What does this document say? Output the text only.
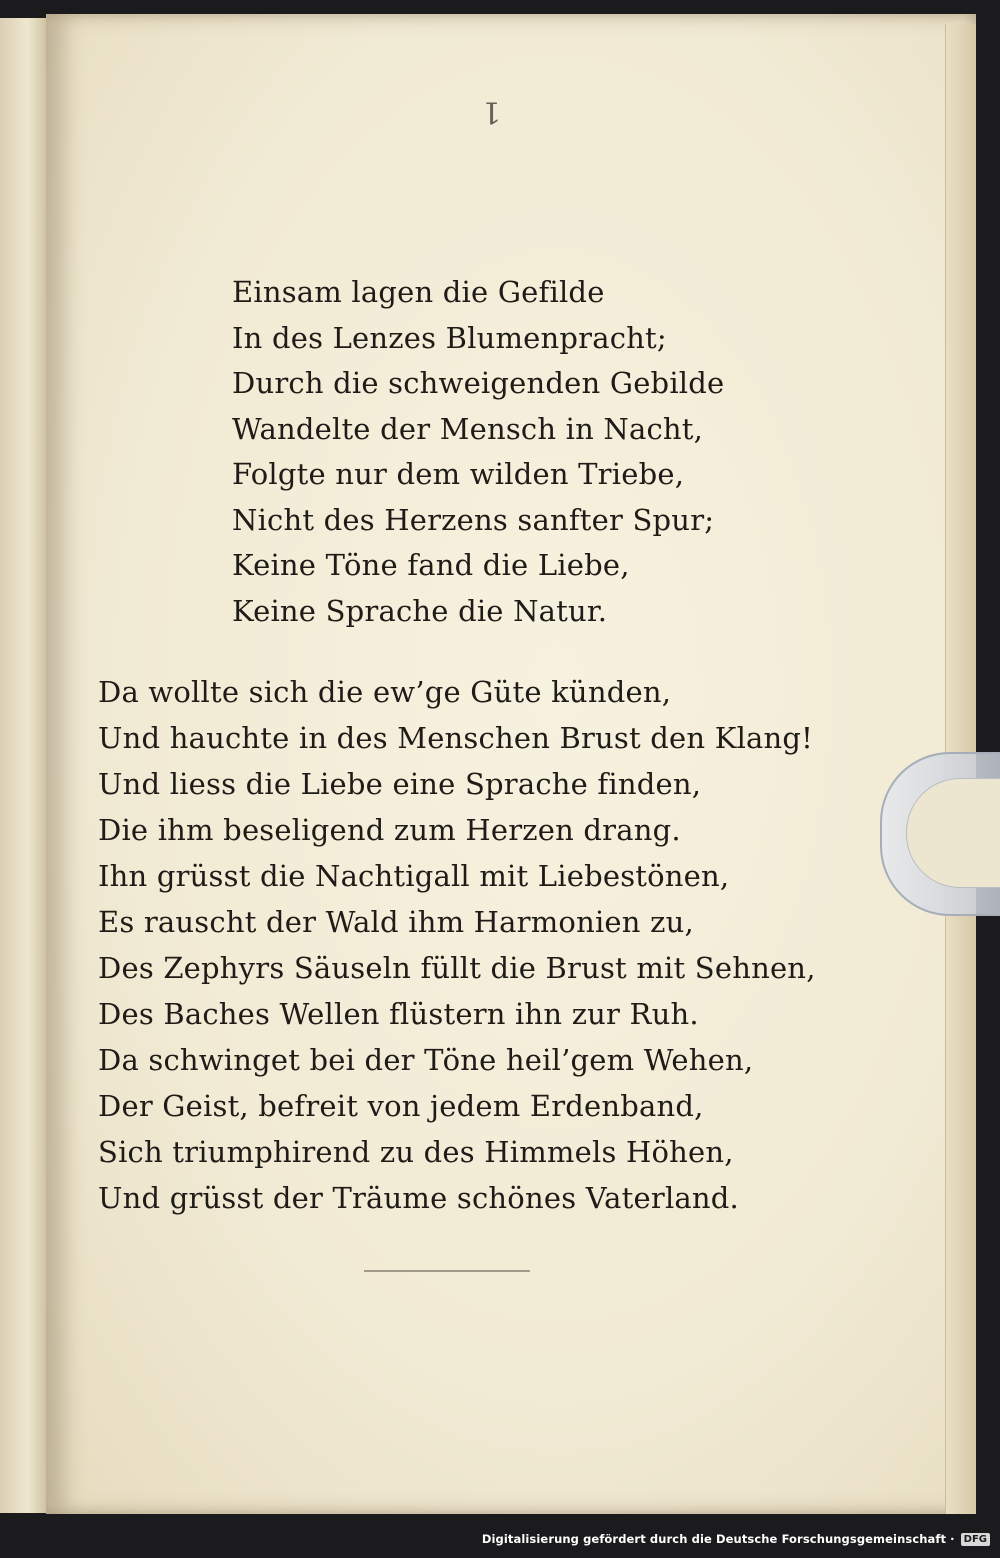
1
Einsam lagen die Gefilde
In des Lenzes Blumenpracht;
Durch die schweigenden Gebilde
Wandelte der Mensch in Nacht,
Folgte nur dem wilden Triebe,
Nicht des Herzens sanfter Spur;
Keine Töne fand die Liebe,
Keine Sprache die Natur.
Da wollte sich die ew’ge Güte künden,
Und hauchte in des Menschen Brust den Klang!
Und liess die Liebe eine Sprache finden,
Die ihm beseligend zum Herzen drang.
Ihn grüsst die Nachtigall mit Liebestönen,
Es rauscht der Wald ihm Harmonien zu,
Des Zephyrs Säuseln füllt die Brust mit Sehnen,
Des Baches Wellen flüstern ihn zur Ruh.
Da schwinget bei der Töne heil’gem Wehen,
Der Geist, befreit von jedem Erdenband,
Sich triumphirend zu des Himmels Höhen,
Und grüsst der Träume schönes Vaterland.
Digitalisierung gefördert durch die Deutsche Forschungsgemeinschaft · DFG
